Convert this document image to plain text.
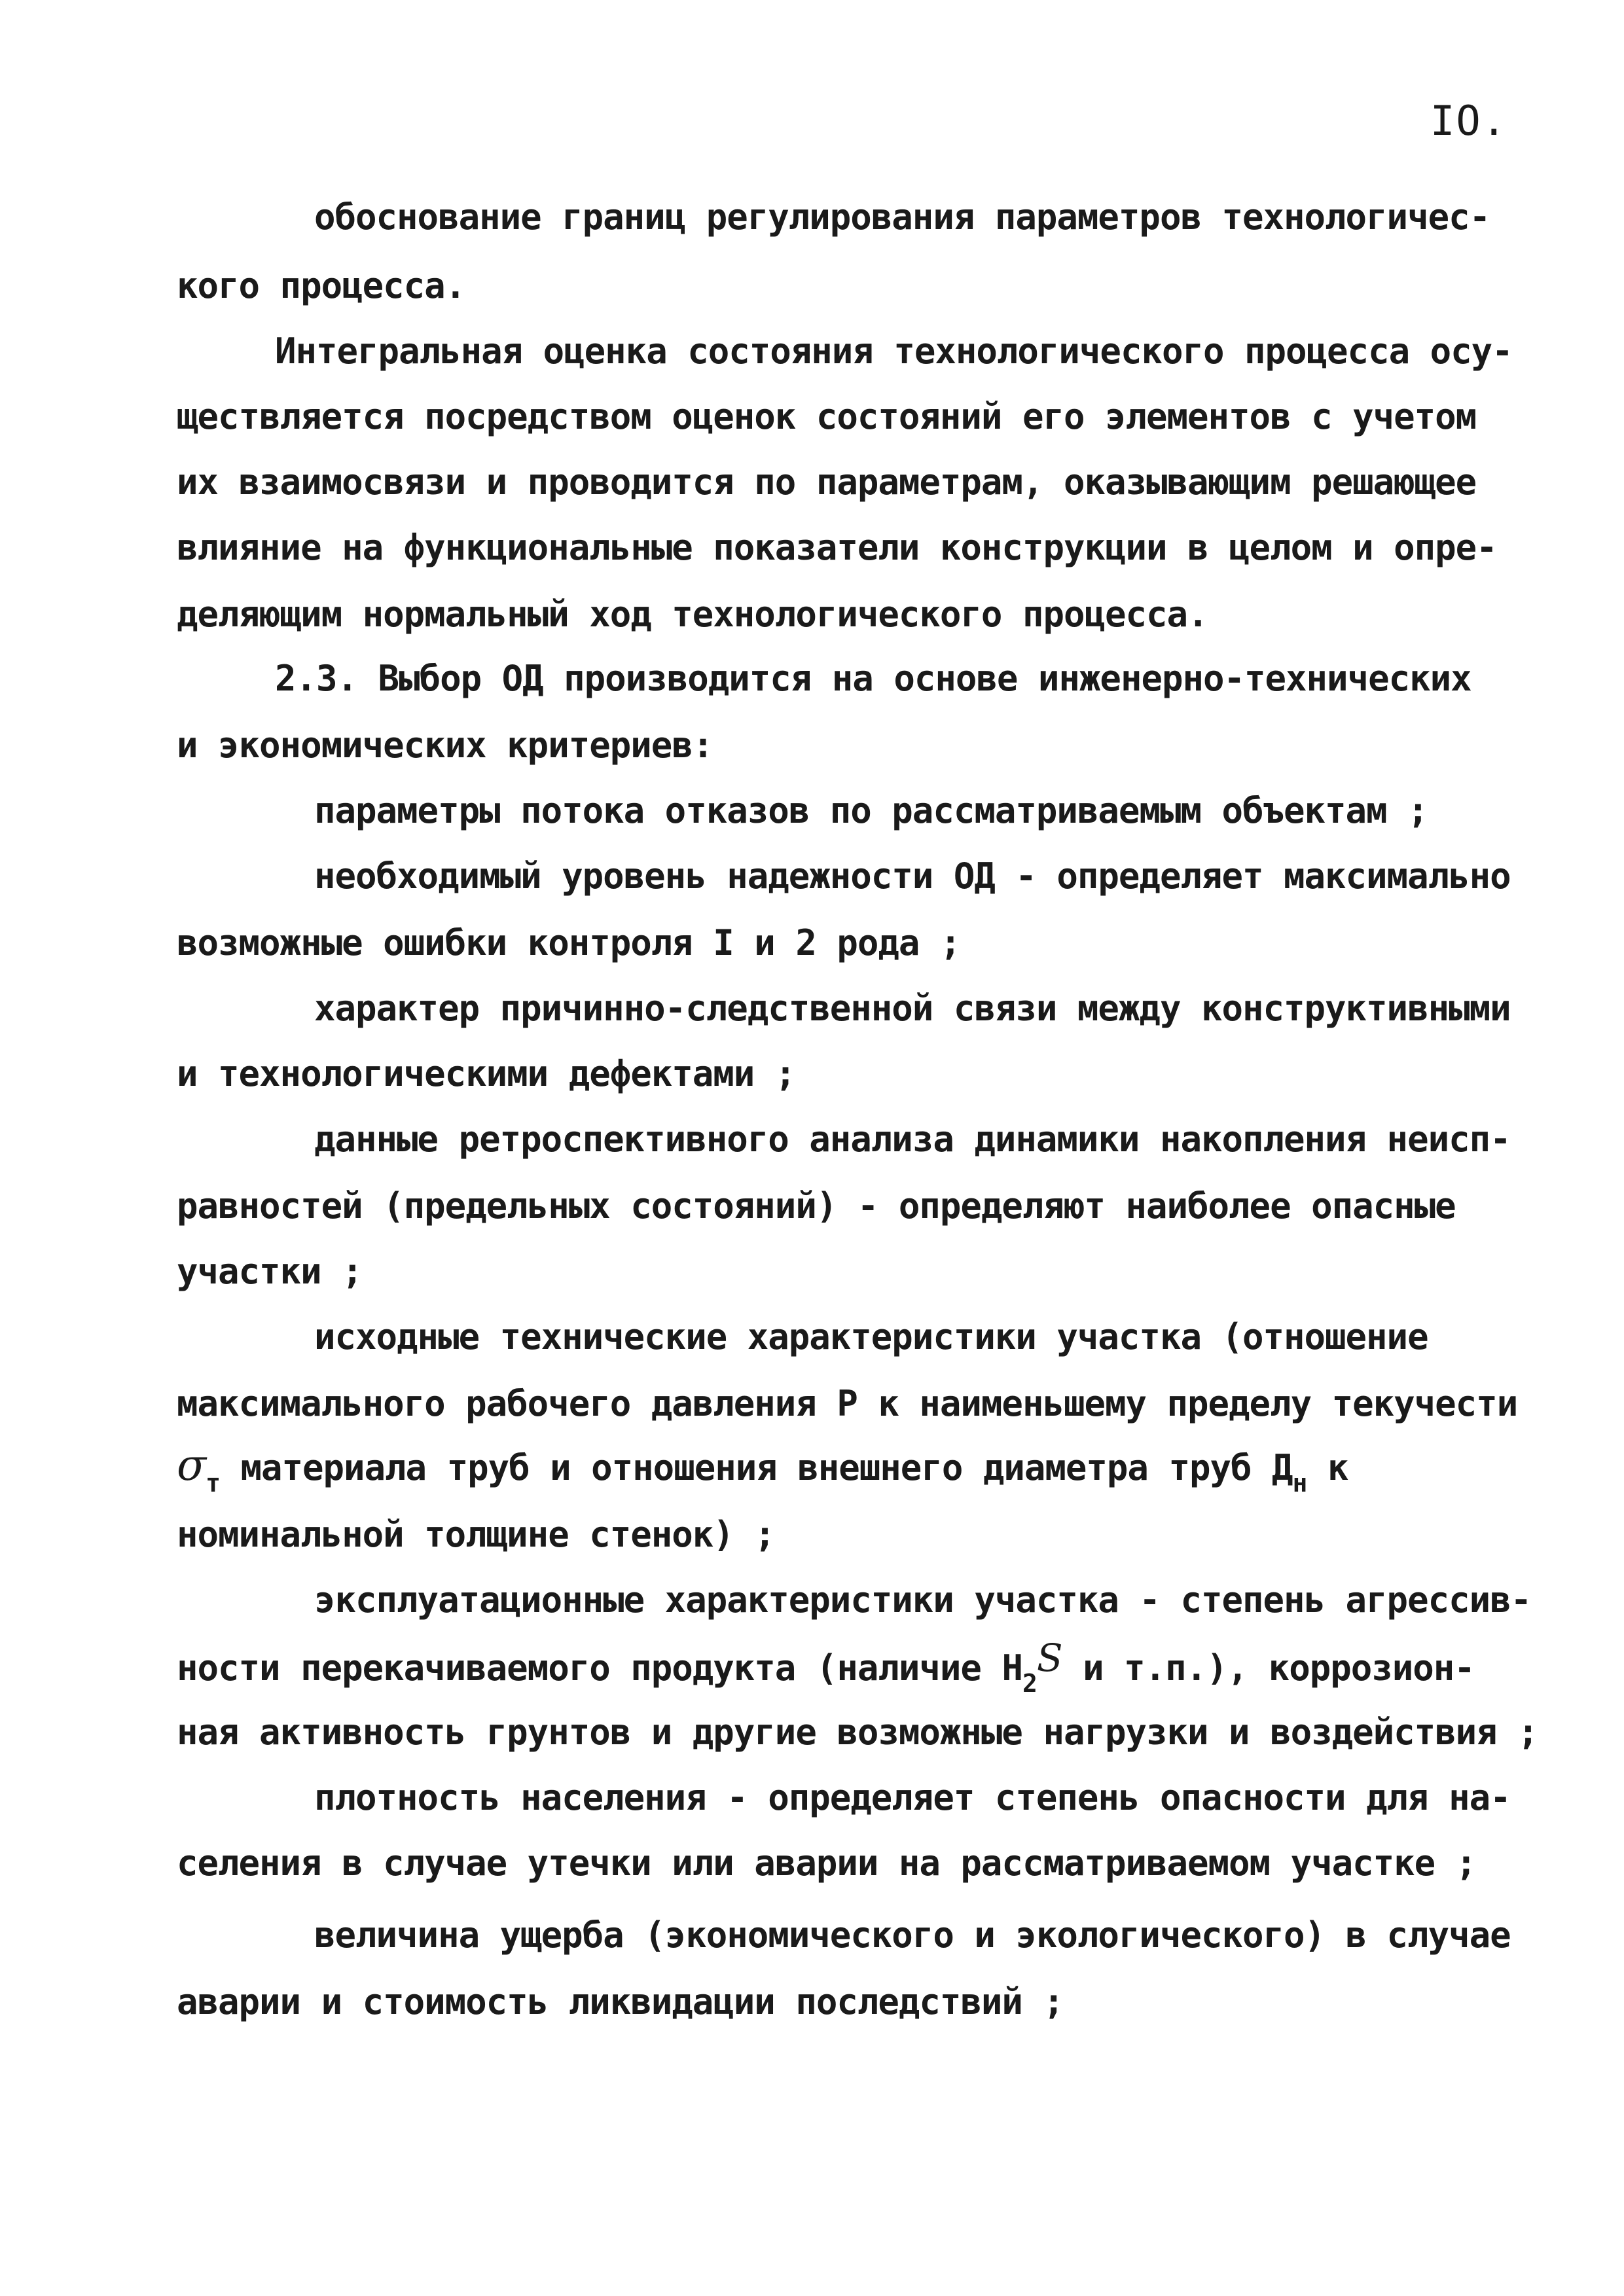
IO.
обоснование границ регулирования параметров технологичес-
кого процесса.
Интегральная оценка состояния технологического процесса осу-
ществляется посредством оценок состояний его элементов с учетом
их взаимосвязи и проводится по параметрам, оказывающим решающее
влияние на функциональные показатели конструкции в целом и опре-
деляющим нормальный ход технологического процесса.
2.3. Выбор ОД производится на основе инженерно-технических
и экономических критериев:
параметры потока отказов по рассматриваемым объектам ;
необходимый уровень надежности ОД - определяет максимально
возможные ошибки контроля I и 2 рода ;
характер причинно-следственной связи между конструктивными
и технологическими дефектами ;
данные ретроспективного анализа динамики накопления неисп-
равностей (предельных состояний) - определяют наиболее опасные
участки ;
исходные технические характеристики участка (отношение
максимального рабочего давления Р к наименьшему пределу текучести
$\sigma_т$ материала труб и отношения внешнего диаметра труб $Д_н$ к
номинальной толщине стенок) ;
эксплуатационные характеристики участка - степень агрессив-
ности перекачиваемого продукта (наличие $H_2S$ и т.п.), коррозион-
ная активность грунтов и другие возможные нагрузки и воздействия ;
плотность населения - определяет степень опасности для на-
селения в случае утечки или аварии на рассматриваемом участке ;
величина ущерба (экономического и экологического) в случае
аварии и стоимость ликвидации последствий ;
